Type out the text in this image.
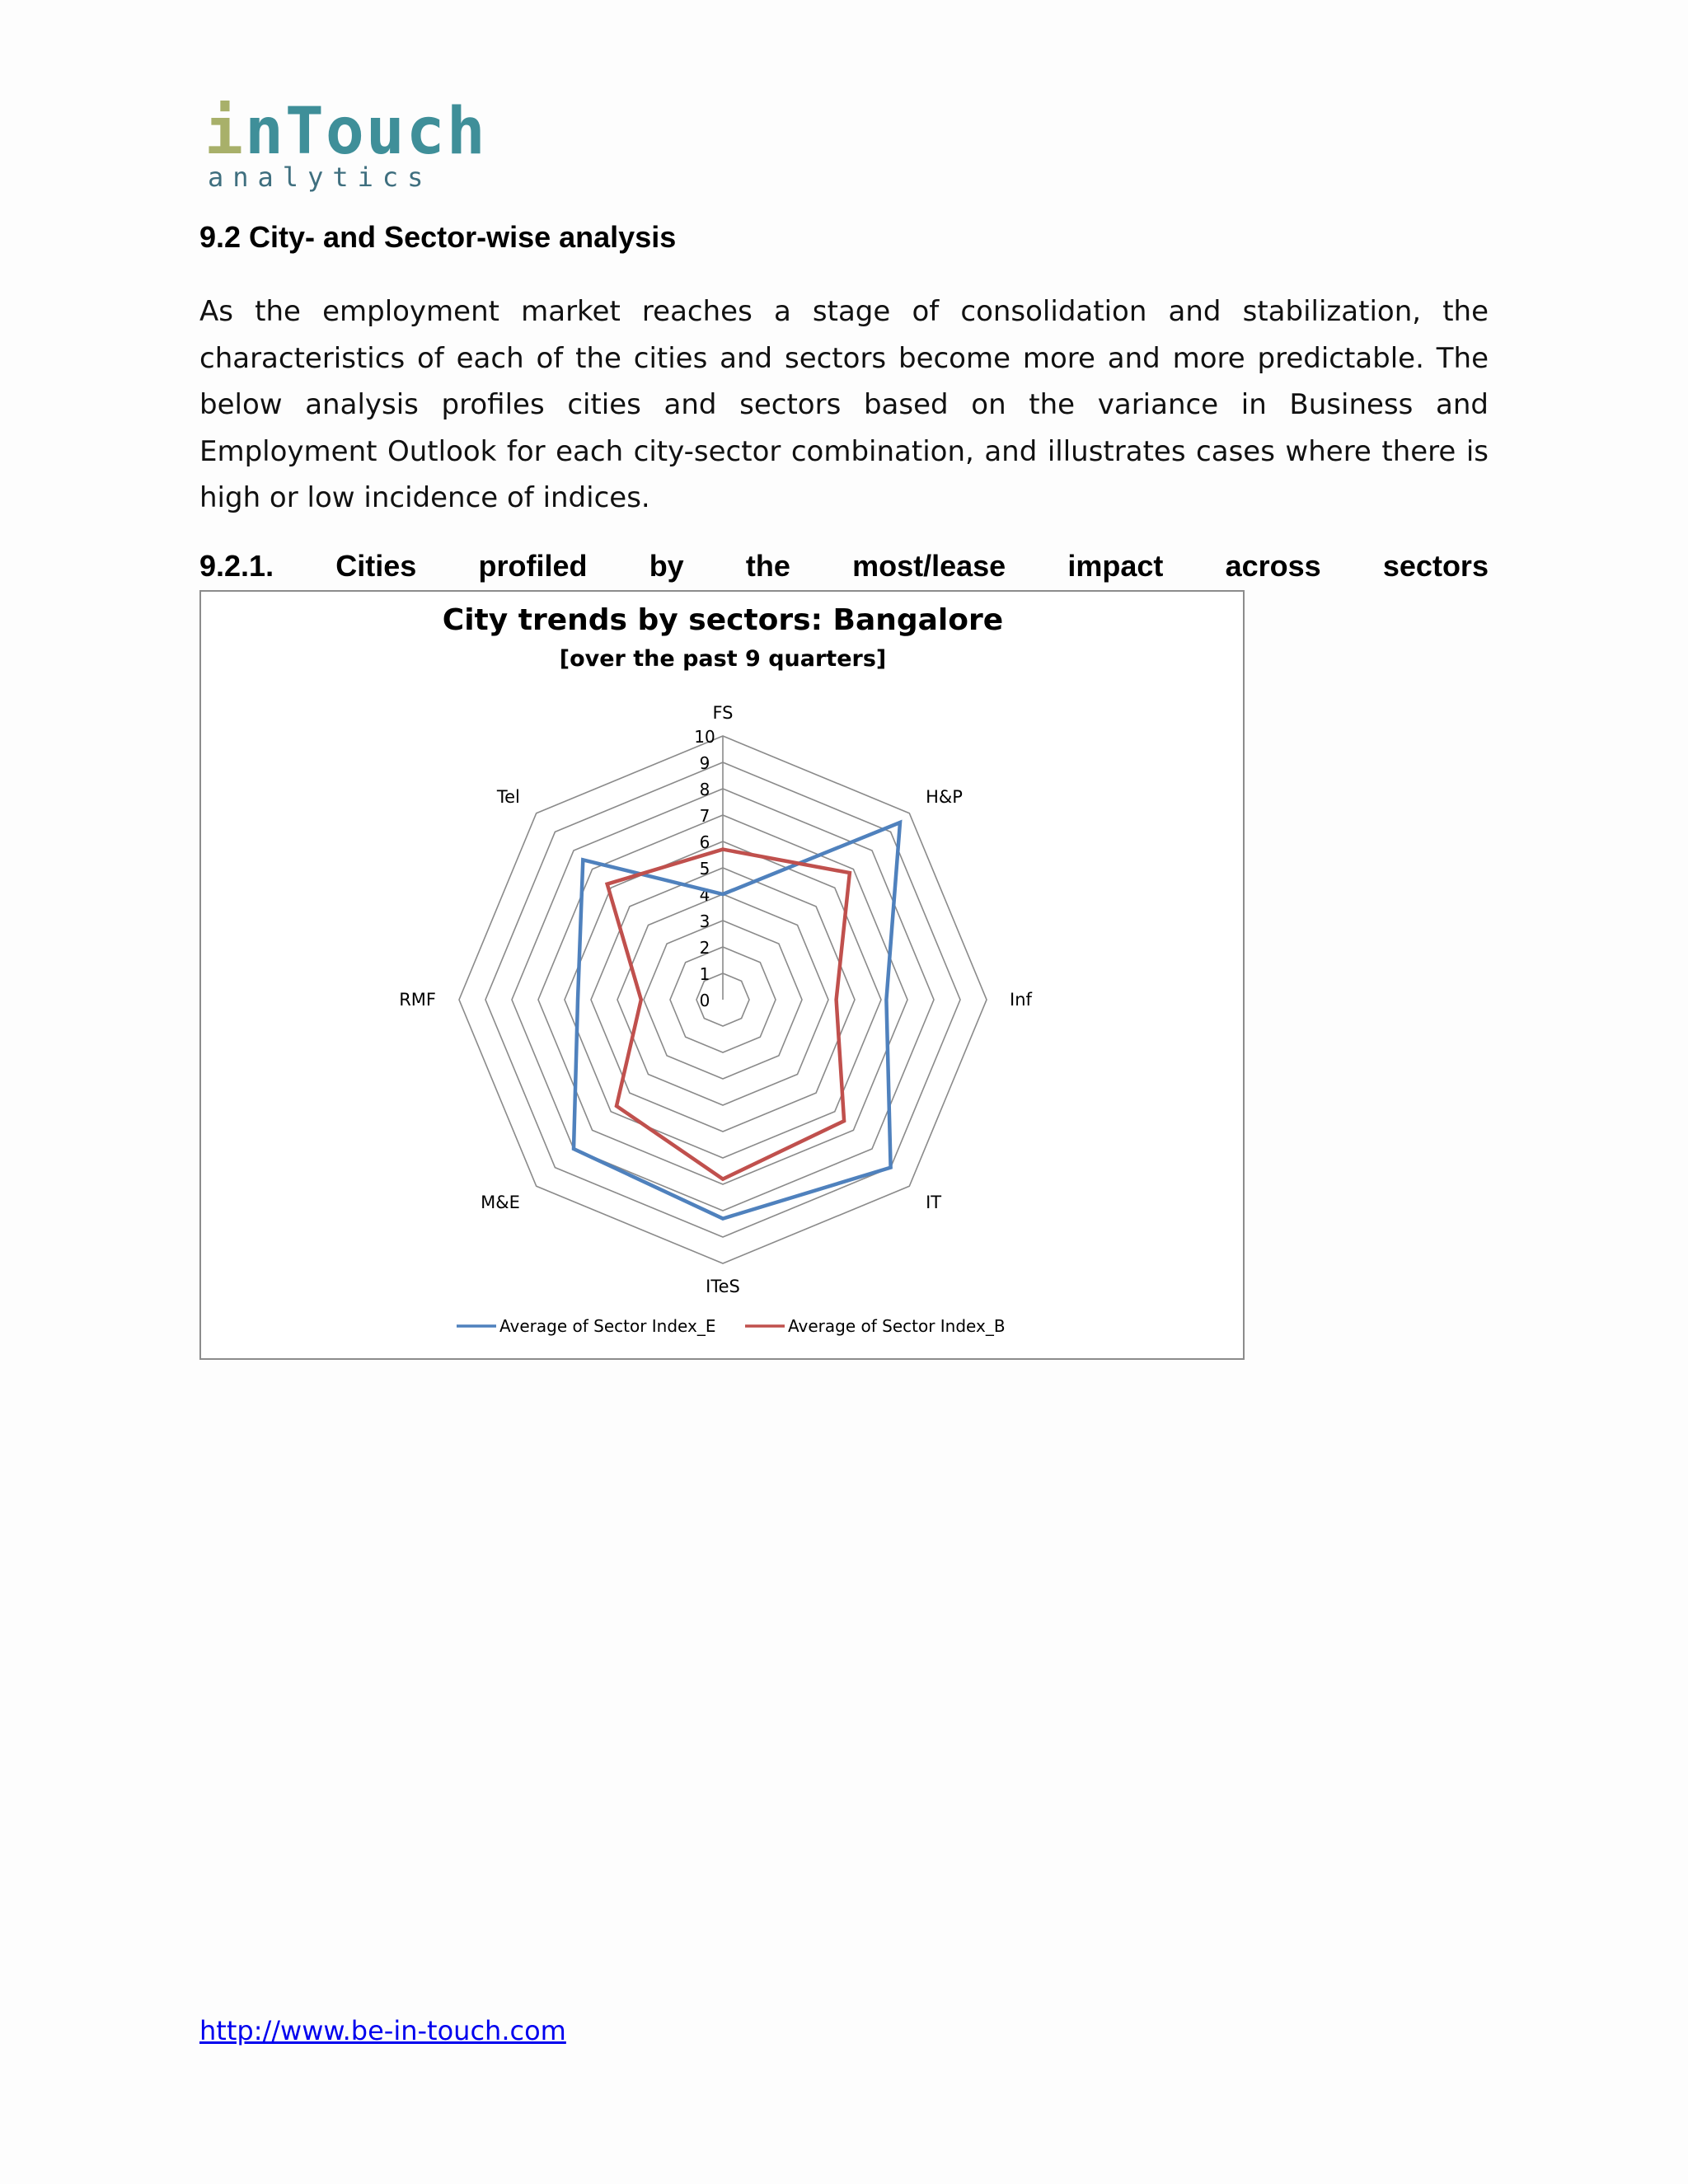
inTouch
analytics
9.2 City- and Sector-wise analysis
As the employment market reaches a stage of consolidation and stabilization, the characteristics of each of the cities and sectors become more and more predictable. The below analysis profiles cities and sectors based on the variance in Business and Employment Outlook for each city-sector combination, and illustrates cases where there is high or low incidence of indices.
9.2.1. Cities profiled by the most/lease impact across sectors
City trends by sectors: Bangalore
[over the past 9 quarters]
0
1
2
3
4
5
6
7
8
9
10
FS
H&P
Inf
IT
ITeS
M&E
RMF
Tel
Average of Sector Index_E	Average of Sector Index_B
http://www.be-in-touch.com
